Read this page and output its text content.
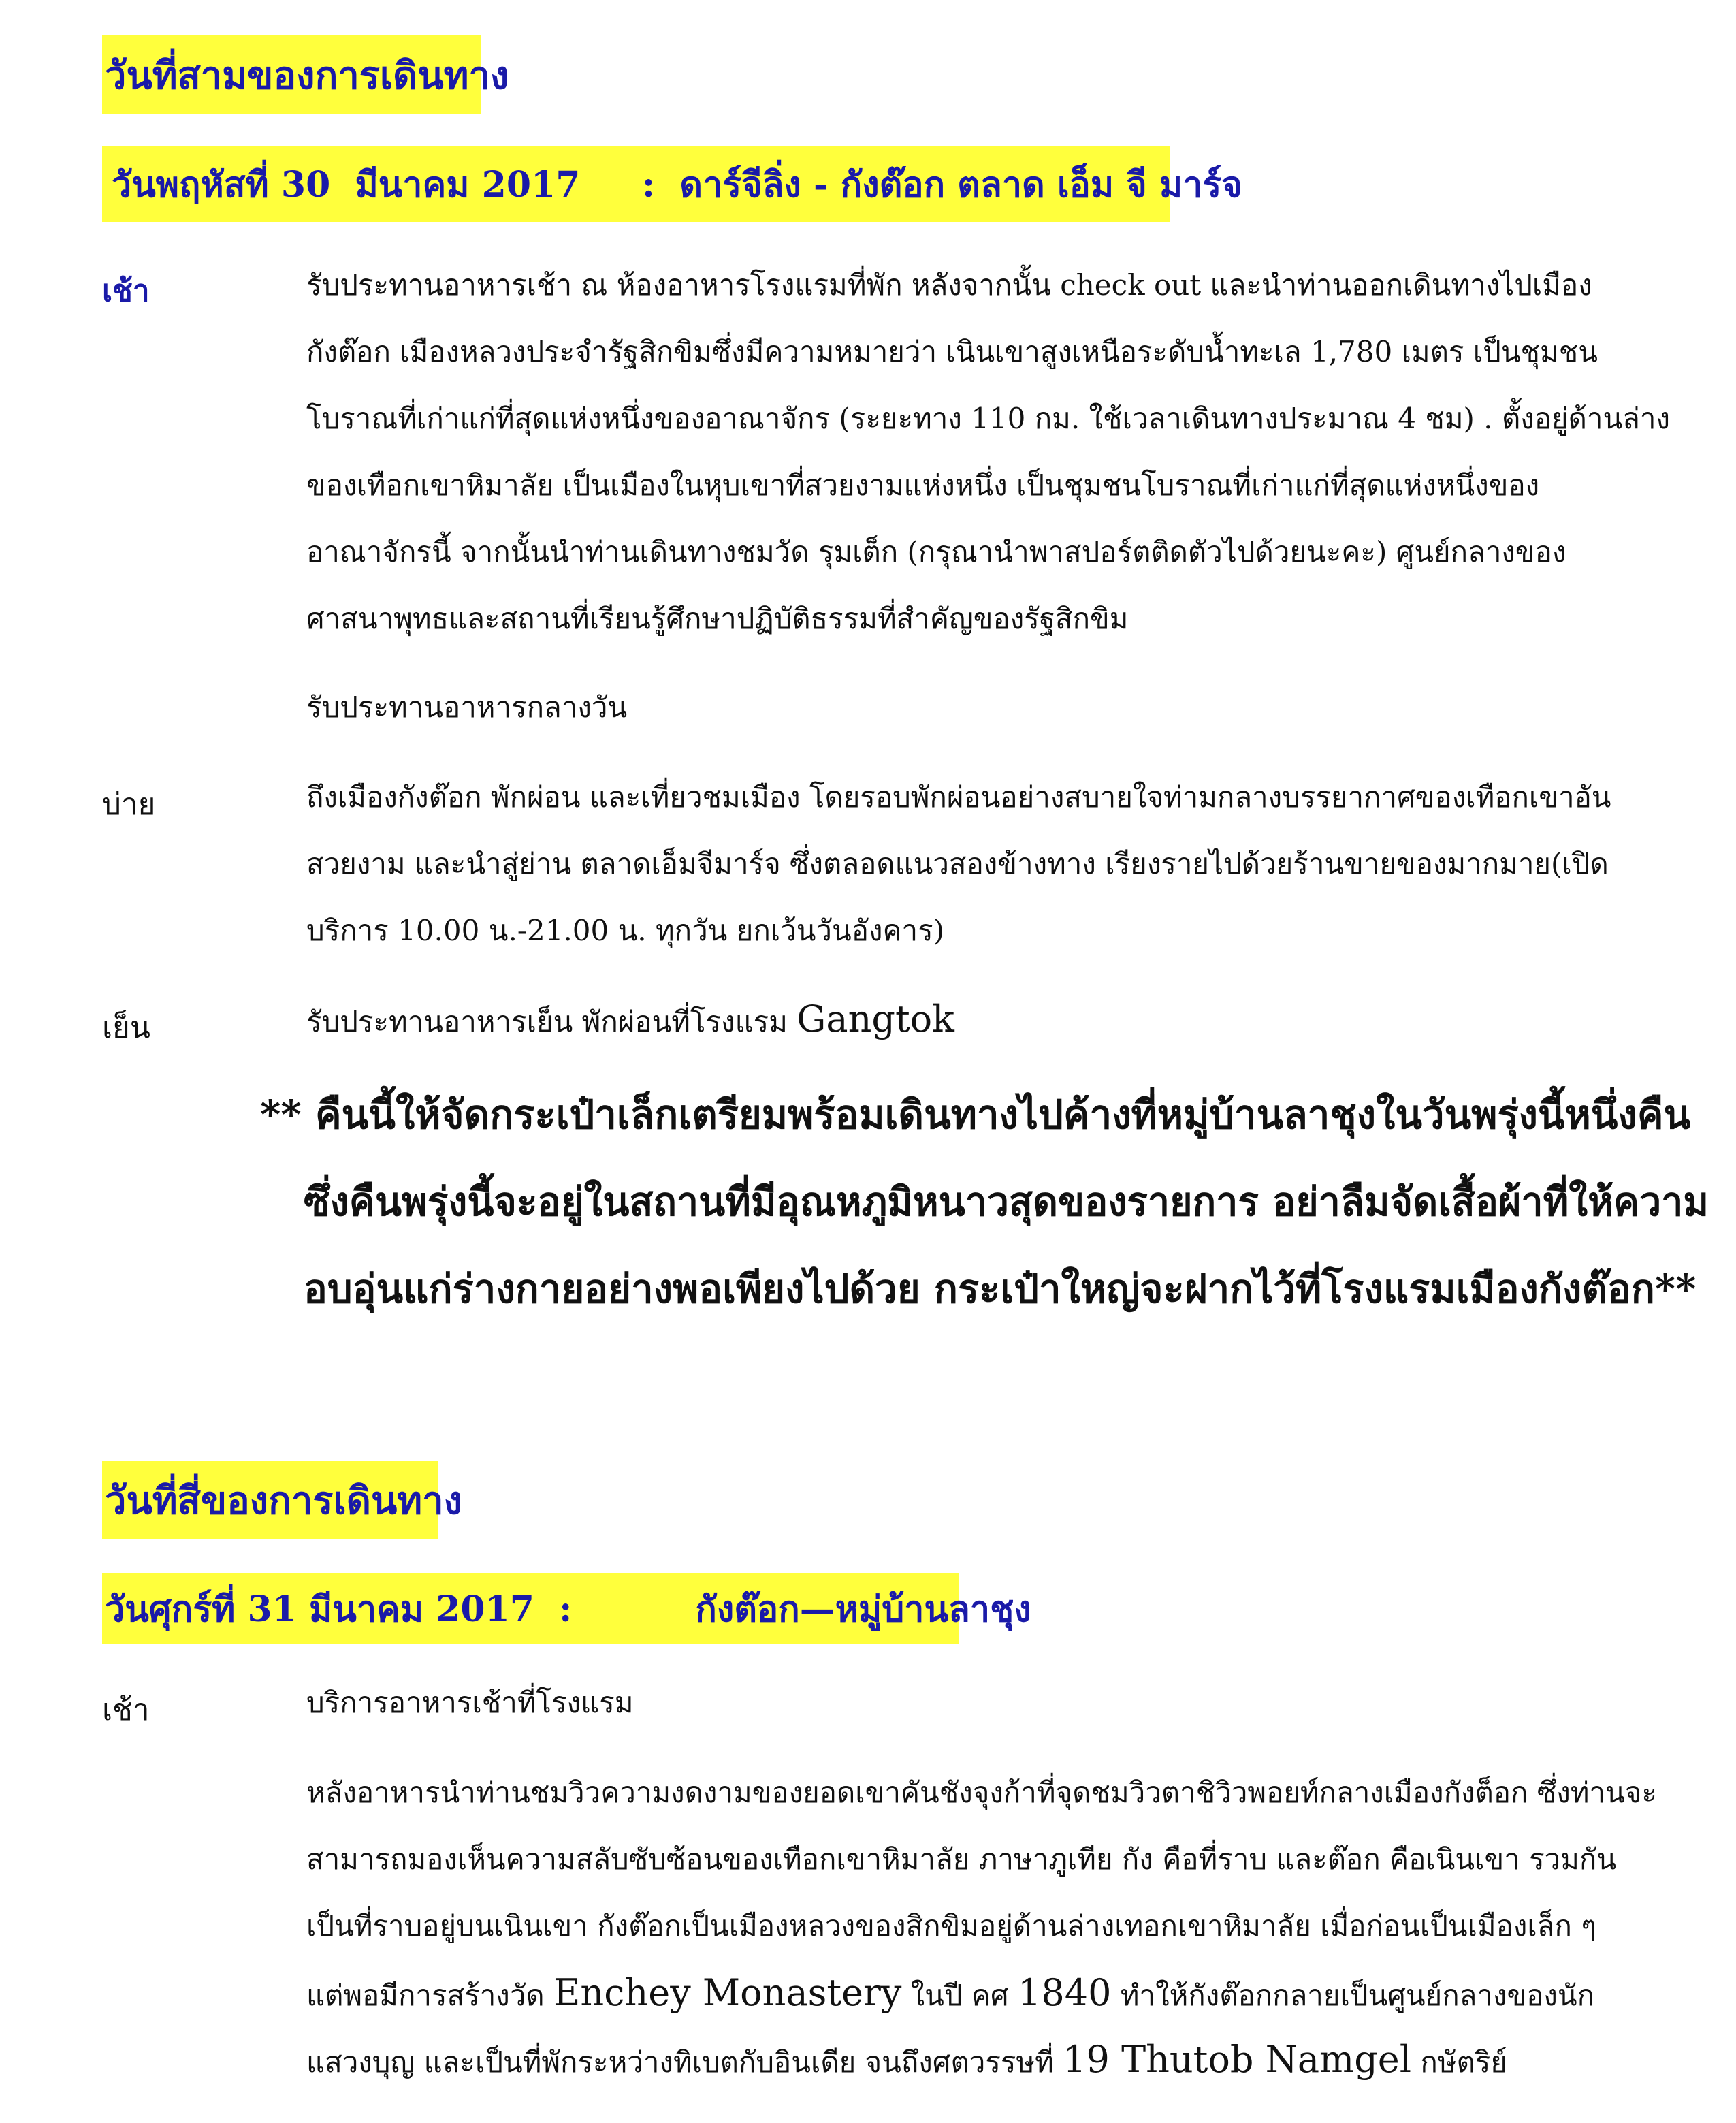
วันที่สามของการเดินทาง
วันพฤหัสที่ 30  มีนาคม 2017     :  ดาร์จีลิ่ง - กังต๊อก ตลาด เอ็ม จี มาร์จ
เช้า	รับประทานอาหารเช้า ณ ห้องอาหารโรงแรมที่พัก หลังจากนั้น check out และนำท่านออกเดินทางไปเมือง
กังต๊อก เมืองหลวงประจำรัฐสิกขิมซึ่งมีความหมายว่า เนินเขาสูงเหนือระดับน้ำทะเล 1,780 เมตร เป็นชุมชน
โบราณที่เก่าแก่ที่สุดแห่งหนึ่งของอาณาจักร (ระยะทาง 110 กม. ใช้เวลาเดินทางประมาณ 4 ชม) . ตั้งอยู่ด้านล่าง
ของเทือกเขาหิมาลัย เป็นเมืองในหุบเขาที่สวยงามแห่งหนึ่ง เป็นชุมชนโบราณที่เก่าแก่ที่สุดแห่งหนึ่งของ
อาณาจักรนี้ จากนั้นนำท่านเดินทางชมวัด รุมเต็ก (กรุณานำพาสปอร์ตติดตัวไปด้วยนะคะ) ศูนย์กลางของ
ศาสนาพุทธและสถานที่เรียนรู้ศึกษาปฏิบัติธรรมที่สำคัญของรัฐสิกขิม
รับประทานอาหารกลางวัน
บ่าย	ถึงเมืองกังต๊อก พักผ่อน และเที่ยวชมเมือง โดยรอบพักผ่อนอย่างสบายใจท่ามกลางบรรยากาศของเทือกเขาอัน
สวยงาม และนำสู่ย่าน ตลาดเอ็มจีมาร์จ ซึ่งตลอดแนวสองข้างทาง เรียงรายไปด้วยร้านขายของมากมาย(เปิด
บริการ 10.00 น.-21.00 น. ทุกวัน ยกเว้นวันอังคาร)
เย็น	รับประทานอาหารเย็น พักผ่อนที่โรงแรม Gangtok
** คืนนี้ให้จัดกระเป๋าเล็กเตรียมพร้อมเดินทางไปค้างที่หมู่บ้านลาชุงในวันพรุ่งนี้หนึ่งคืน
ซึ่งคืนพรุ่งนี้จะอยู่ในสถานที่มีอุณหภูมิหนาวสุดของรายการ อย่าลืมจัดเสื้อผ้าที่ให้ความ
อบอุ่นแก่ร่างกายอย่างพอเพียงไปด้วย กระเป๋าใหญ่จะฝากไว้ที่โรงแรมเมืองกังต๊อก**
วันที่สี่ของการเดินทาง
วันศุกร์ที่ 31 มีนาคม 2017  :          กังต๊อก—หมู่บ้านลาชุง
เช้า	บริการอาหารเช้าที่โรงแรม
หลังอาหารนำท่านชมวิวความงดงามของยอดเขาคันชังจุงก้าที่จุดชมวิวตาชิวิวพอยท์กลางเมืองกังต็อก ซึ่งท่านจะ
สามารถมองเห็นความสลับซับซ้อนของเทือกเขาหิมาลัย ภาษาภูเทีย กัง คือที่ราบ และต๊อก คือเนินเขา รวมกัน
เป็นที่ราบอยู่บนเนินเขา กังต๊อกเป็นเมืองหลวงของสิกขิมอยู่ด้านล่างเทอกเขาหิมาลัย เมื่อก่อนเป็นเมืองเล็ก ๆ
แต่พอมีการสร้างวัด Enchey Monastery ในปี คศ 1840 ทำให้กังต๊อกกลายเป็นศูนย์กลางของนัก
แสวงบุญ และเป็นที่พักระหว่างทิเบตกับอินเดีย จนถึงศตวรรษที่ 19 Thutob Namgel กษัตริย์
